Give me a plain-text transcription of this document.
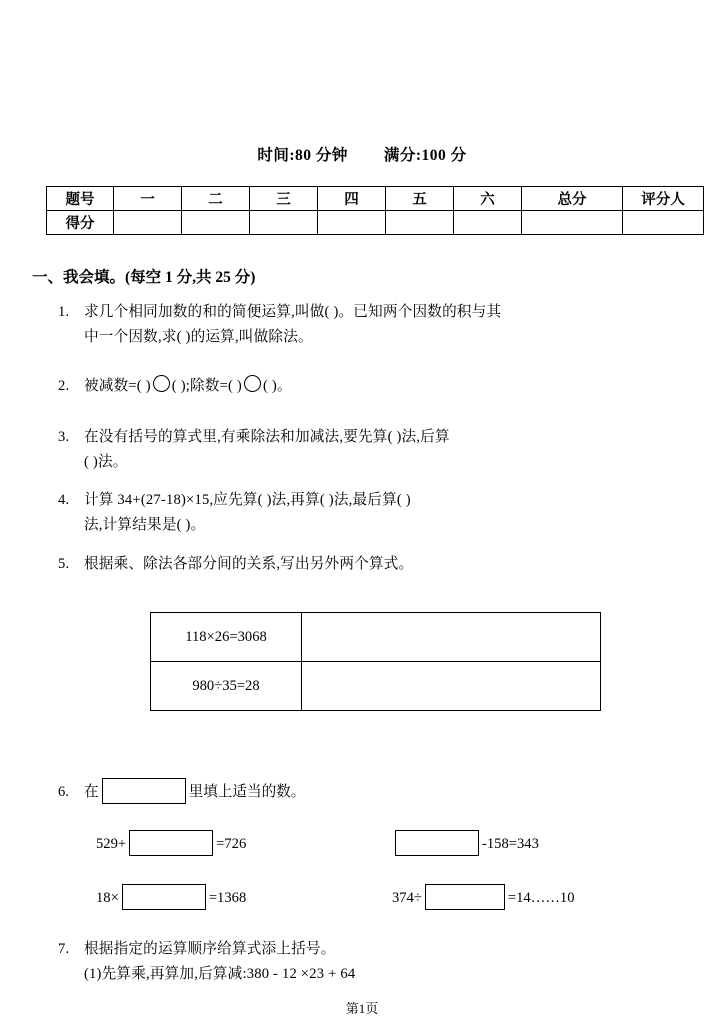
时间:80 分钟 满分:100 分
题号	一	二	三	四	五	六	总分	评分人
得分								
一、我会填。(每空 1 分,共 25 分)
1. 求几个相同加数的和的简便运算,叫做( )。已知两个因数的积与其
中一个因数,求( )的运算,叫做除法。
2. 被减数=( ) ( );除数=( ) ( )。
3. 在没有括号的算式里,有乘除法和加减法,要先算( )法,后算
( )法。
4. 计算 34+(27-18)×15,应先算( )法,再算( )法,最后算( )
法,计算结果是( )。
5. 根据乘、除法各部分间的关系,写出另外两个算式。
118×26=3068	
980÷35=28	
6. 在	里填上适当的数。
529+	=726	-158=343
18×	=1368	374÷	=14……10
7. 根据指定的运算顺序给算式添上括号。
(1)先算乘,再算加,后算减:380 - 12 ×23 + 64
第1页
